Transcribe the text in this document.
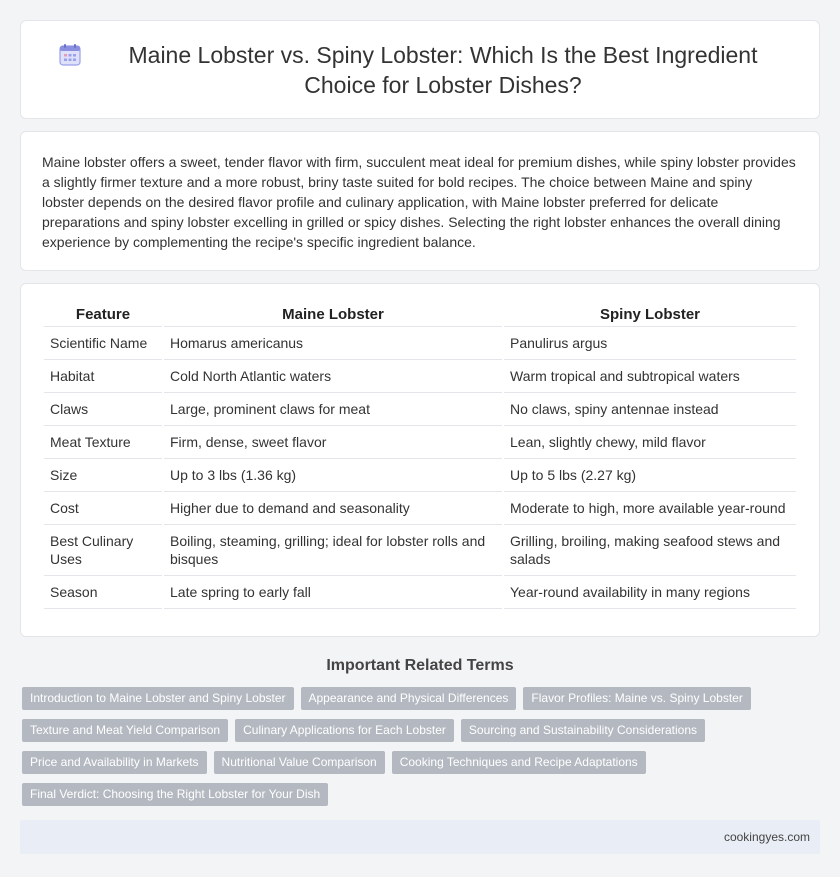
Maine Lobster vs. Spiny Lobster: Which Is the Best Ingredient Choice for Lobster Dishes?

Maine lobster offers a sweet, tender flavor with firm, succulent meat ideal for premium dishes, while spiny lobster provides a slightly firmer texture and a more robust, briny taste suited for bold recipes. The choice between Maine and spiny lobster depends on the desired flavor profile and culinary application, with Maine lobster preferred for delicate preparations and spiny lobster excelling in grilled or spicy dishes. Selecting the right lobster enhances the overall dining experience by complementing the recipe's specific ingredient balance.

Feature	Maine Lobster	Spiny Lobster
Scientific Name	Homarus americanus	Panulirus argus
Habitat	Cold North Atlantic waters	Warm tropical and subtropical waters
Claws	Large, prominent claws for meat	No claws, spiny antennae instead
Meat Texture	Firm, dense, sweet flavor	Lean, slightly chewy, mild flavor
Size	Up to 3 lbs (1.36 kg)	Up to 5 lbs (2.27 kg)
Cost	Higher due to demand and seasonality	Moderate to high, more available year-round
Best Culinary Uses	Boiling, steaming, grilling; ideal for lobster rolls and bisques	Grilling, broiling, making seafood stews and salads
Season	Late spring to early fall	Year-round availability in many regions
Important Related Terms
Introduction to Maine Lobster and Spiny Lobster	Appearance and Physical Differences	Flavor Profiles: Maine vs. Spiny Lobster
Texture and Meat Yield Comparison	Culinary Applications for Each Lobster	Sourcing and Sustainability Considerations
Price and Availability in Markets	Nutritional Value Comparison	Cooking Techniques and Recipe Adaptations
Final Verdict: Choosing the Right Lobster for Your Dish
cookingyes.com
